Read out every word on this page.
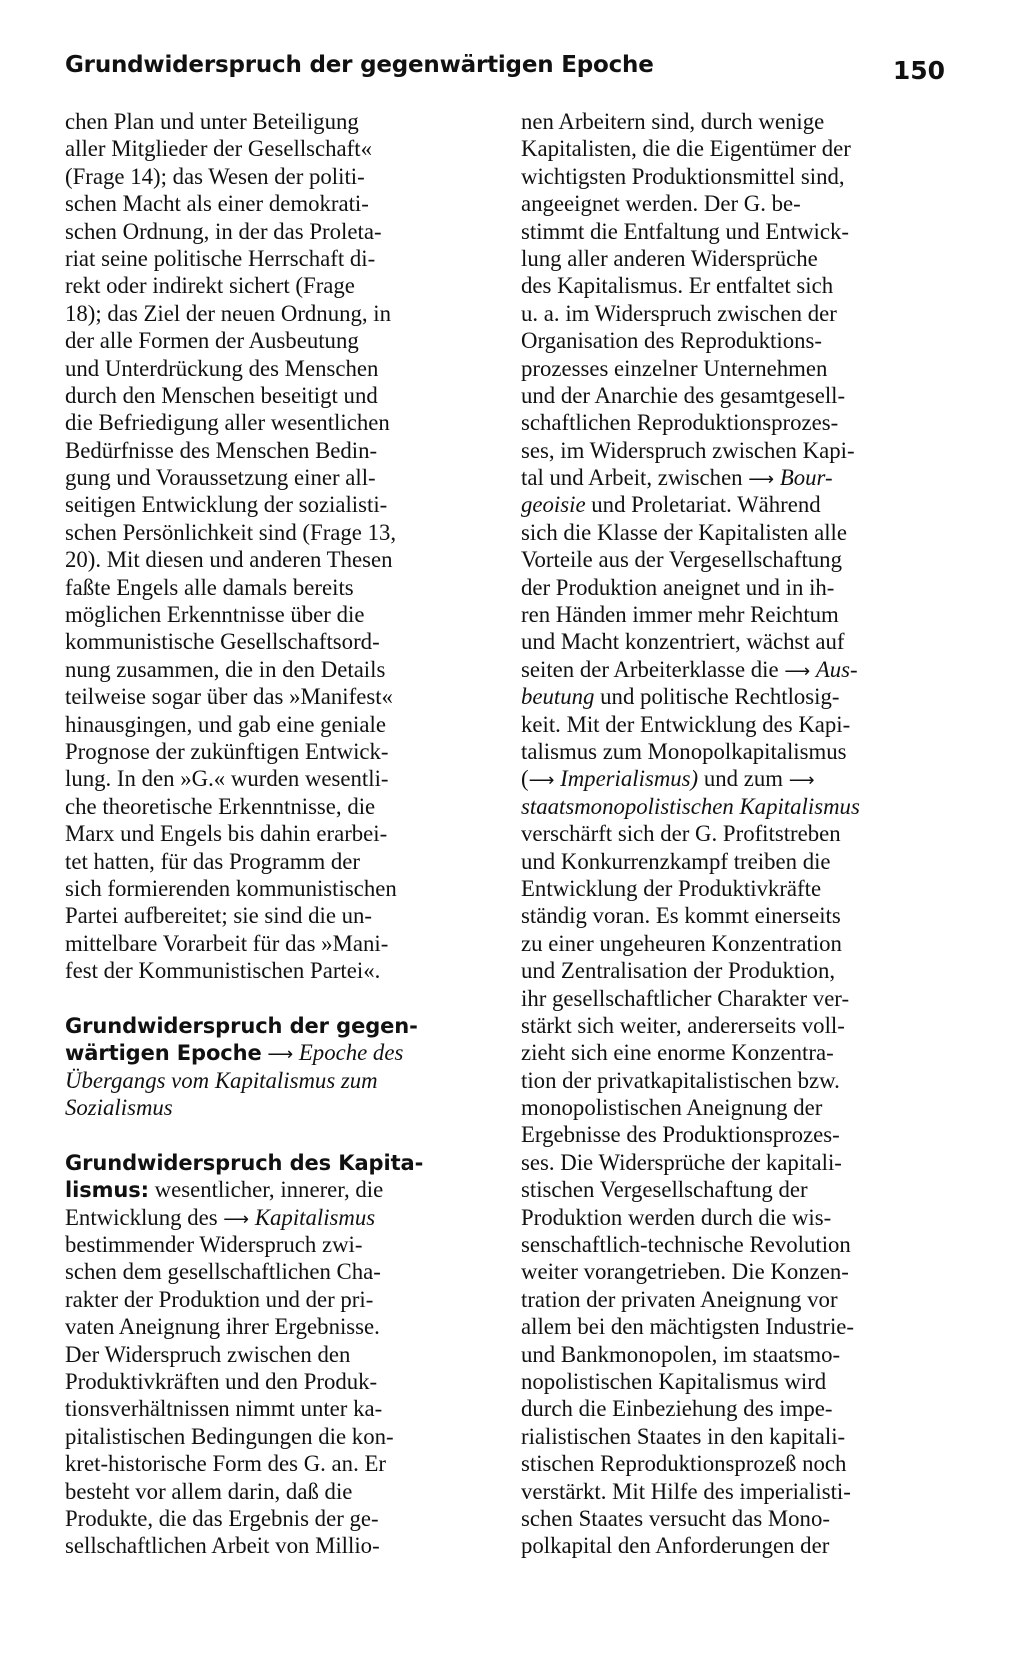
Grundwiderspruch der gegenwärtigen Epoche	150
chen Plan und unter Beteiligung
aller Mitglieder der Gesellschaft«
(Frage 14); das Wesen der politi-
schen Macht als einer demokrati-
schen Ordnung, in der das Proleta-
riat seine politische Herrschaft di-
rekt oder indirekt sichert (Frage
18); das Ziel der neuen Ordnung, in
der alle Formen der Ausbeutung
und Unterdrückung des Menschen
durch den Menschen beseitigt und
die Befriedigung aller wesentlichen
Bedürfnisse des Menschen Bedin-
gung und Voraussetzung einer all-
seitigen Entwicklung der sozialisti-
schen Persönlichkeit sind (Frage 13,
20). Mit diesen und anderen Thesen
faßte Engels alle damals bereits
möglichen Erkenntnisse über die
kommunistische Gesellschaftsord-
nung zusammen, die in den Details
teilweise sogar über das »Manifest«
hinausgingen, und gab eine geniale
Prognose der zukünftigen Entwick-
lung. In den »G.« wurden wesentli-
che theoretische Erkenntnisse, die
Marx und Engels bis dahin erarbei-
tet hatten, für das Programm der
sich formierenden kommunistischen
Partei aufbereitet; sie sind die un-
mittelbare Vorarbeit für das »Mani-
fest der Kommunistischen Partei«.
Grundwiderspruch der gegen-
wärtigen Epoche ⟶ Epoche des
Übergangs vom Kapitalismus zum
Sozialismus
Grundwiderspruch des Kapita-
lismus: wesentlicher, innerer, die
Entwicklung des ⟶ Kapitalismus
bestimmender Widerspruch zwi-
schen dem gesellschaftlichen Cha-
rakter der Produktion und der pri-
vaten Aneignung ihrer Ergebnisse.
Der Widerspruch zwischen den
Produktivkräften und den Produk-
tionsverhältnissen nimmt unter ka-
pitalistischen Bedingungen die kon-
kret-historische Form des G. an. Er
besteht vor allem darin, daß die
Produkte, die das Ergebnis der ge-
sellschaftlichen Arbeit von Millio-
nen Arbeitern sind, durch wenige
Kapitalisten, die die Eigentümer der
wichtigsten Produktionsmittel sind,
angeeignet werden. Der G. be-
stimmt die Entfaltung und Entwick-
lung aller anderen Widersprüche
des Kapitalismus. Er entfaltet sich
u. a. im Widerspruch zwischen der
Organisation des Reproduktions-
prozesses einzelner Unternehmen
und der Anarchie des gesamtgesell-
schaftlichen Reproduktionsprozes-
ses, im Widerspruch zwischen Kapi-
tal und Arbeit, zwischen ⟶ Bour-
geoisie und Proletariat. Während
sich die Klasse der Kapitalisten alle
Vorteile aus der Vergesellschaftung
der Produktion aneignet und in ih-
ren Händen immer mehr Reichtum
und Macht konzentriert, wächst auf
seiten der Arbeiterklasse die ⟶ Aus-
beutung und politische Rechtlosig-
keit. Mit der Entwicklung des Kapi-
talismus zum Monopolkapitalismus
(⟶ Imperialismus) und zum ⟶
staatsmonopolistischen Kapitalismus
verschärft sich der G. Profitstreben
und Konkurrenzkampf treiben die
Entwicklung der Produktivkräfte
ständig voran. Es kommt einerseits
zu einer ungeheuren Konzentration
und Zentralisation der Produktion,
ihr gesellschaftlicher Charakter ver-
stärkt sich weiter, andererseits voll-
zieht sich eine enorme Konzentra-
tion der privatkapitalistischen bzw.
monopolistischen Aneignung der
Ergebnisse des Produktionsprozes-
ses. Die Widersprüche der kapitali-
stischen Vergesellschaftung der
Produktion werden durch die wis-
senschaftlich-technische Revolution
weiter vorangetrieben. Die Konzen-
tration der privaten Aneignung vor
allem bei den mächtigsten Industrie-
und Bankmonopolen, im staatsmo-
nopolistischen Kapitalismus wird
durch die Einbeziehung des impe-
rialistischen Staates in den kapitali-
stischen Reproduktionsprozeß noch
verstärkt. Mit Hilfe des imperialisti-
schen Staates versucht das Mono-
polkapital den Anforderungen der
